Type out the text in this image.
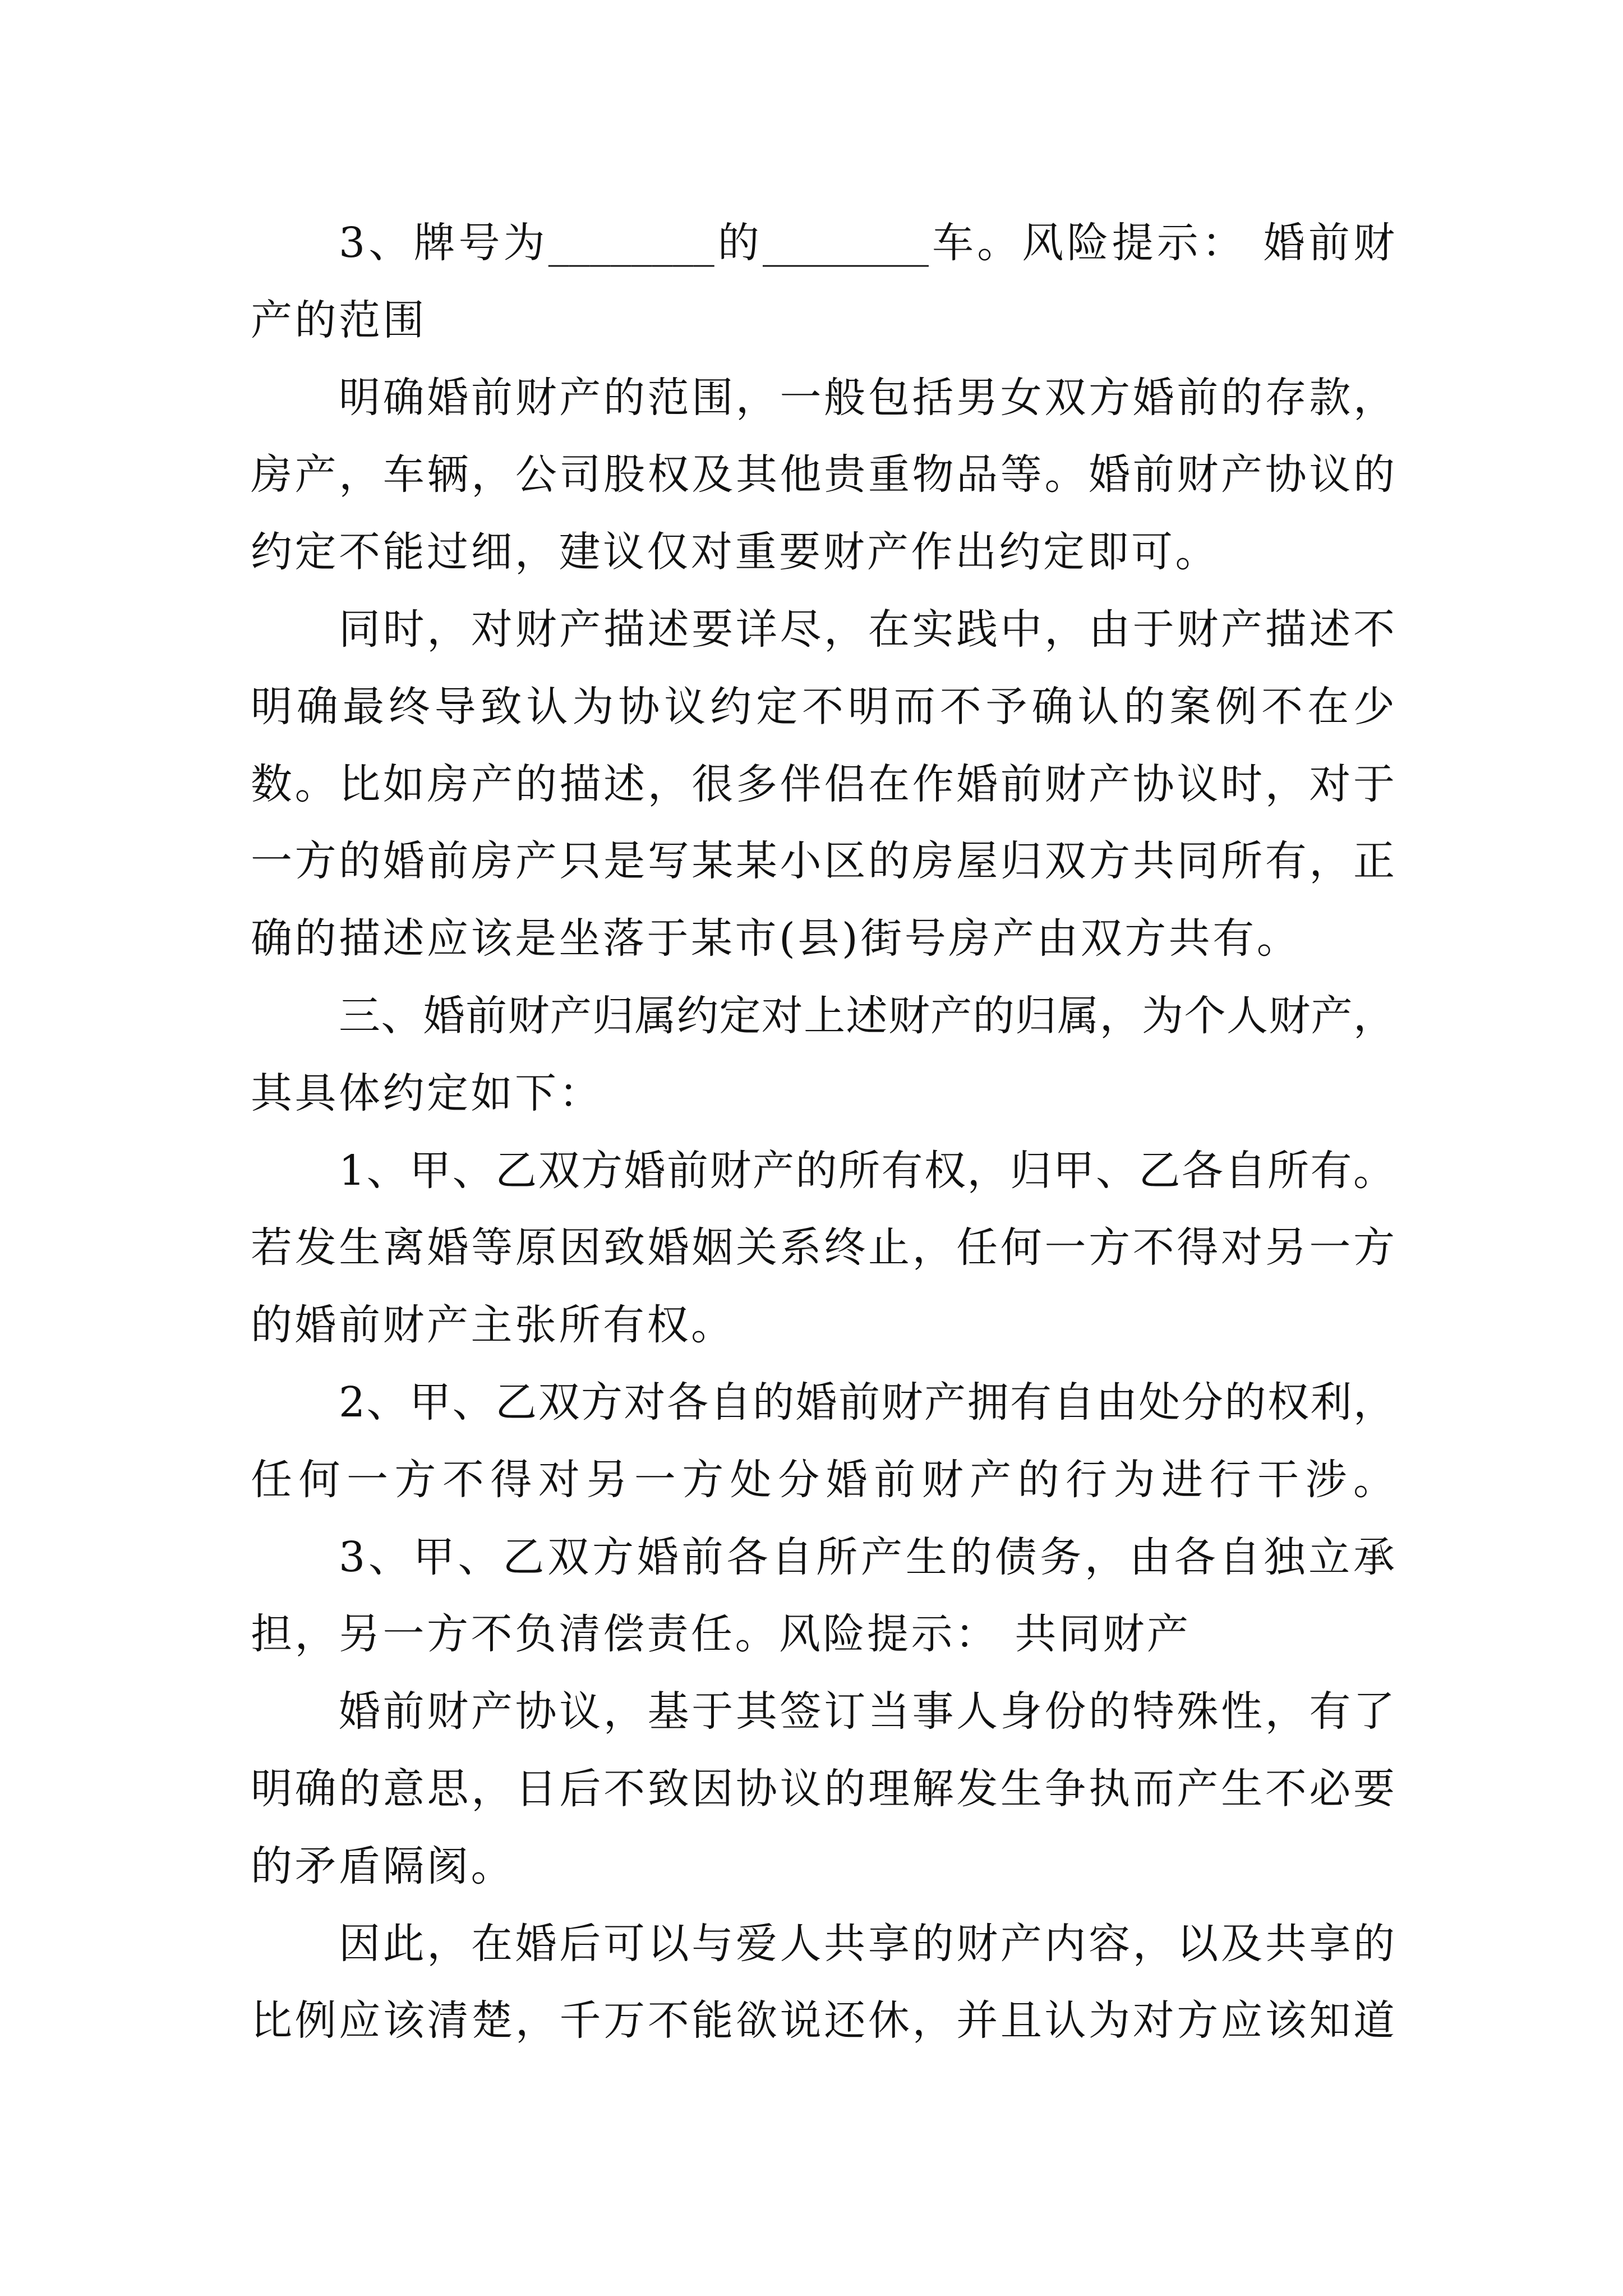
3、牌号为________的________车。风险提示： 婚前财
产的范围
明确婚前财产的范围，一般包括男女双方婚前的存款，
房产，车辆，公司股权及其他贵重物品等。婚前财产协议的
约定不能过细，建议仅对重要财产作出约定即可。
同时，对财产描述要详尽，在实践中，由于财产描述不
明确最终导致认为协议约定不明而不予确认的案例不在少
数。比如房产的描述，很多伴侣在作婚前财产协议时，对于
一方的婚前房产只是写某某小区的房屋归双方共同所有，正
确的描述应该是坐落于某市(县)街号房产由双方共有。
三、婚前财产归属约定对上述财产的归属，为个人财产，
其具体约定如下：
1、甲、乙双方婚前财产的所有权，归甲、乙各自所有。
若发生离婚等原因致婚姻关系终止，任何一方不得对另一方
的婚前财产主张所有权。
2、甲、乙双方对各自的婚前财产拥有自由处分的权利，
任何一方不得对另一方处分婚前财产的行为进行干涉。
3、甲、乙双方婚前各自所产生的债务，由各自独立承
担，另一方不负清偿责任。风险提示： 共同财产
婚前财产协议，基于其签订当事人身份的特殊性，有了
明确的意思，日后不致因协议的理解发生争执而产生不必要
的矛盾隔阂。
因此，在婚后可以与爱人共享的财产内容，以及共享的
比例应该清楚，千万不能欲说还休，并且认为对方应该知道
